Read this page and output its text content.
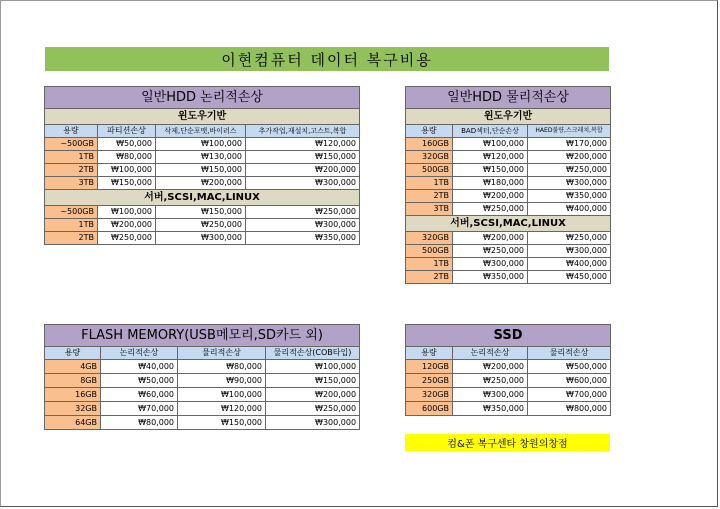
이현컴퓨터 데이터 복구비용
일반HDD 논리적손상			
윈도우기반			
용량	파티션손상	삭제,단순포맷,바이러스	추가작업,재설치,고스트,복합
~500GB	₩50,000	₩100,000	₩120,000
1TB	₩80,000	₩130,000	₩150,000
2TB	₩100,000	₩150,000	₩200,000
3TB	₩150,000	₩200,000	₩300,000
서버,SCSI,MAC,LINUX			
~500GB	₩100,000	₩150,000	₩250,000
1TB	₩200,000	₩250,000	₩300,000
2TB	₩250,000	₩300,000	₩350,000
일반HDD 물리적손상		
윈도우기반		
용량	BAD섹터,단순손상	HAED불량,스크래치,복합
160GB	₩100,000	₩170,000
320GB	₩120,000	₩200,000
500GB	₩150,000	₩250,000
1TB	₩180,000	₩300,000
2TB	₩200,000	₩350,000
3TB	₩250,000	₩400,000
서버,SCSI,MAC,LINUX		
320GB	₩200,000	₩250,000
500GB	₩250,000	₩300,000
1TB	₩300,000	₩400,000
2TB	₩350,000	₩450,000
FLASH MEMORY(USB메모리,SD카드 외)			
용량	논리적손상	물리적손상	물리적손상(COB타입)
4GB	₩40,000	₩80,000	₩100,000
8GB	₩50,000	₩90,000	₩150,000
16GB	₩60,000	₩100,000	₩200,000
32GB	₩70,000	₩120,000	₩250,000
64GB	₩80,000	₩150,000	₩300,000
SSD		
용량	논리적손상	물리적손상
120GB	₩200,000	₩500,000
250GB	₩250,000	₩600,000
320GB	₩300,000	₩700,000
600GB	₩350,000	₩800,000
컴&폰 복구센타 창원의창점
